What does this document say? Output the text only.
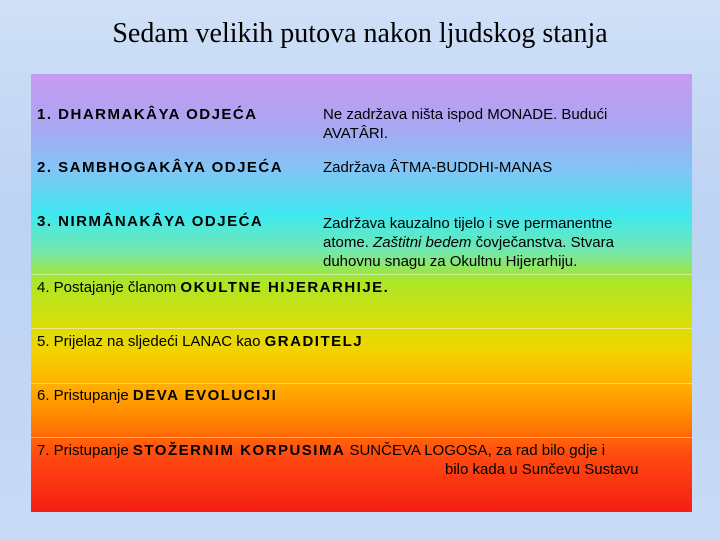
Sedam velikih putova nakon ljudskog stanja
1. DHARMAKÂYA ODJEĆA	Ne zadržava ništa ispod MONADE. Budući
AVATÂRI.
2. SAMBHOGAKÂYA ODJEĆA	Zadržava ÂTMA-BUDDHI-MANAS
3. NIRMÂNAKÂYA ODJEĆA	Zadržava kauzalno tijelo i sve permanentne
atome. Zaštitni bedem čovječanstva. Stvara
duhovnu snagu za Okultnu Hijerarhiju.
4. Postajanje članom OKULTNE HIJERARHIJE.
5. Prijelaz na sljedeći LANAC kao GRADITELJ
6. Pristupanje DEVA EVOLUCIJI
7. Pristupanje STOŽERNIM KORPUSIMA SUNČEVA LOGOSA, za rad bilo gdje i
bilo kada u Sunčevu Sustavu
